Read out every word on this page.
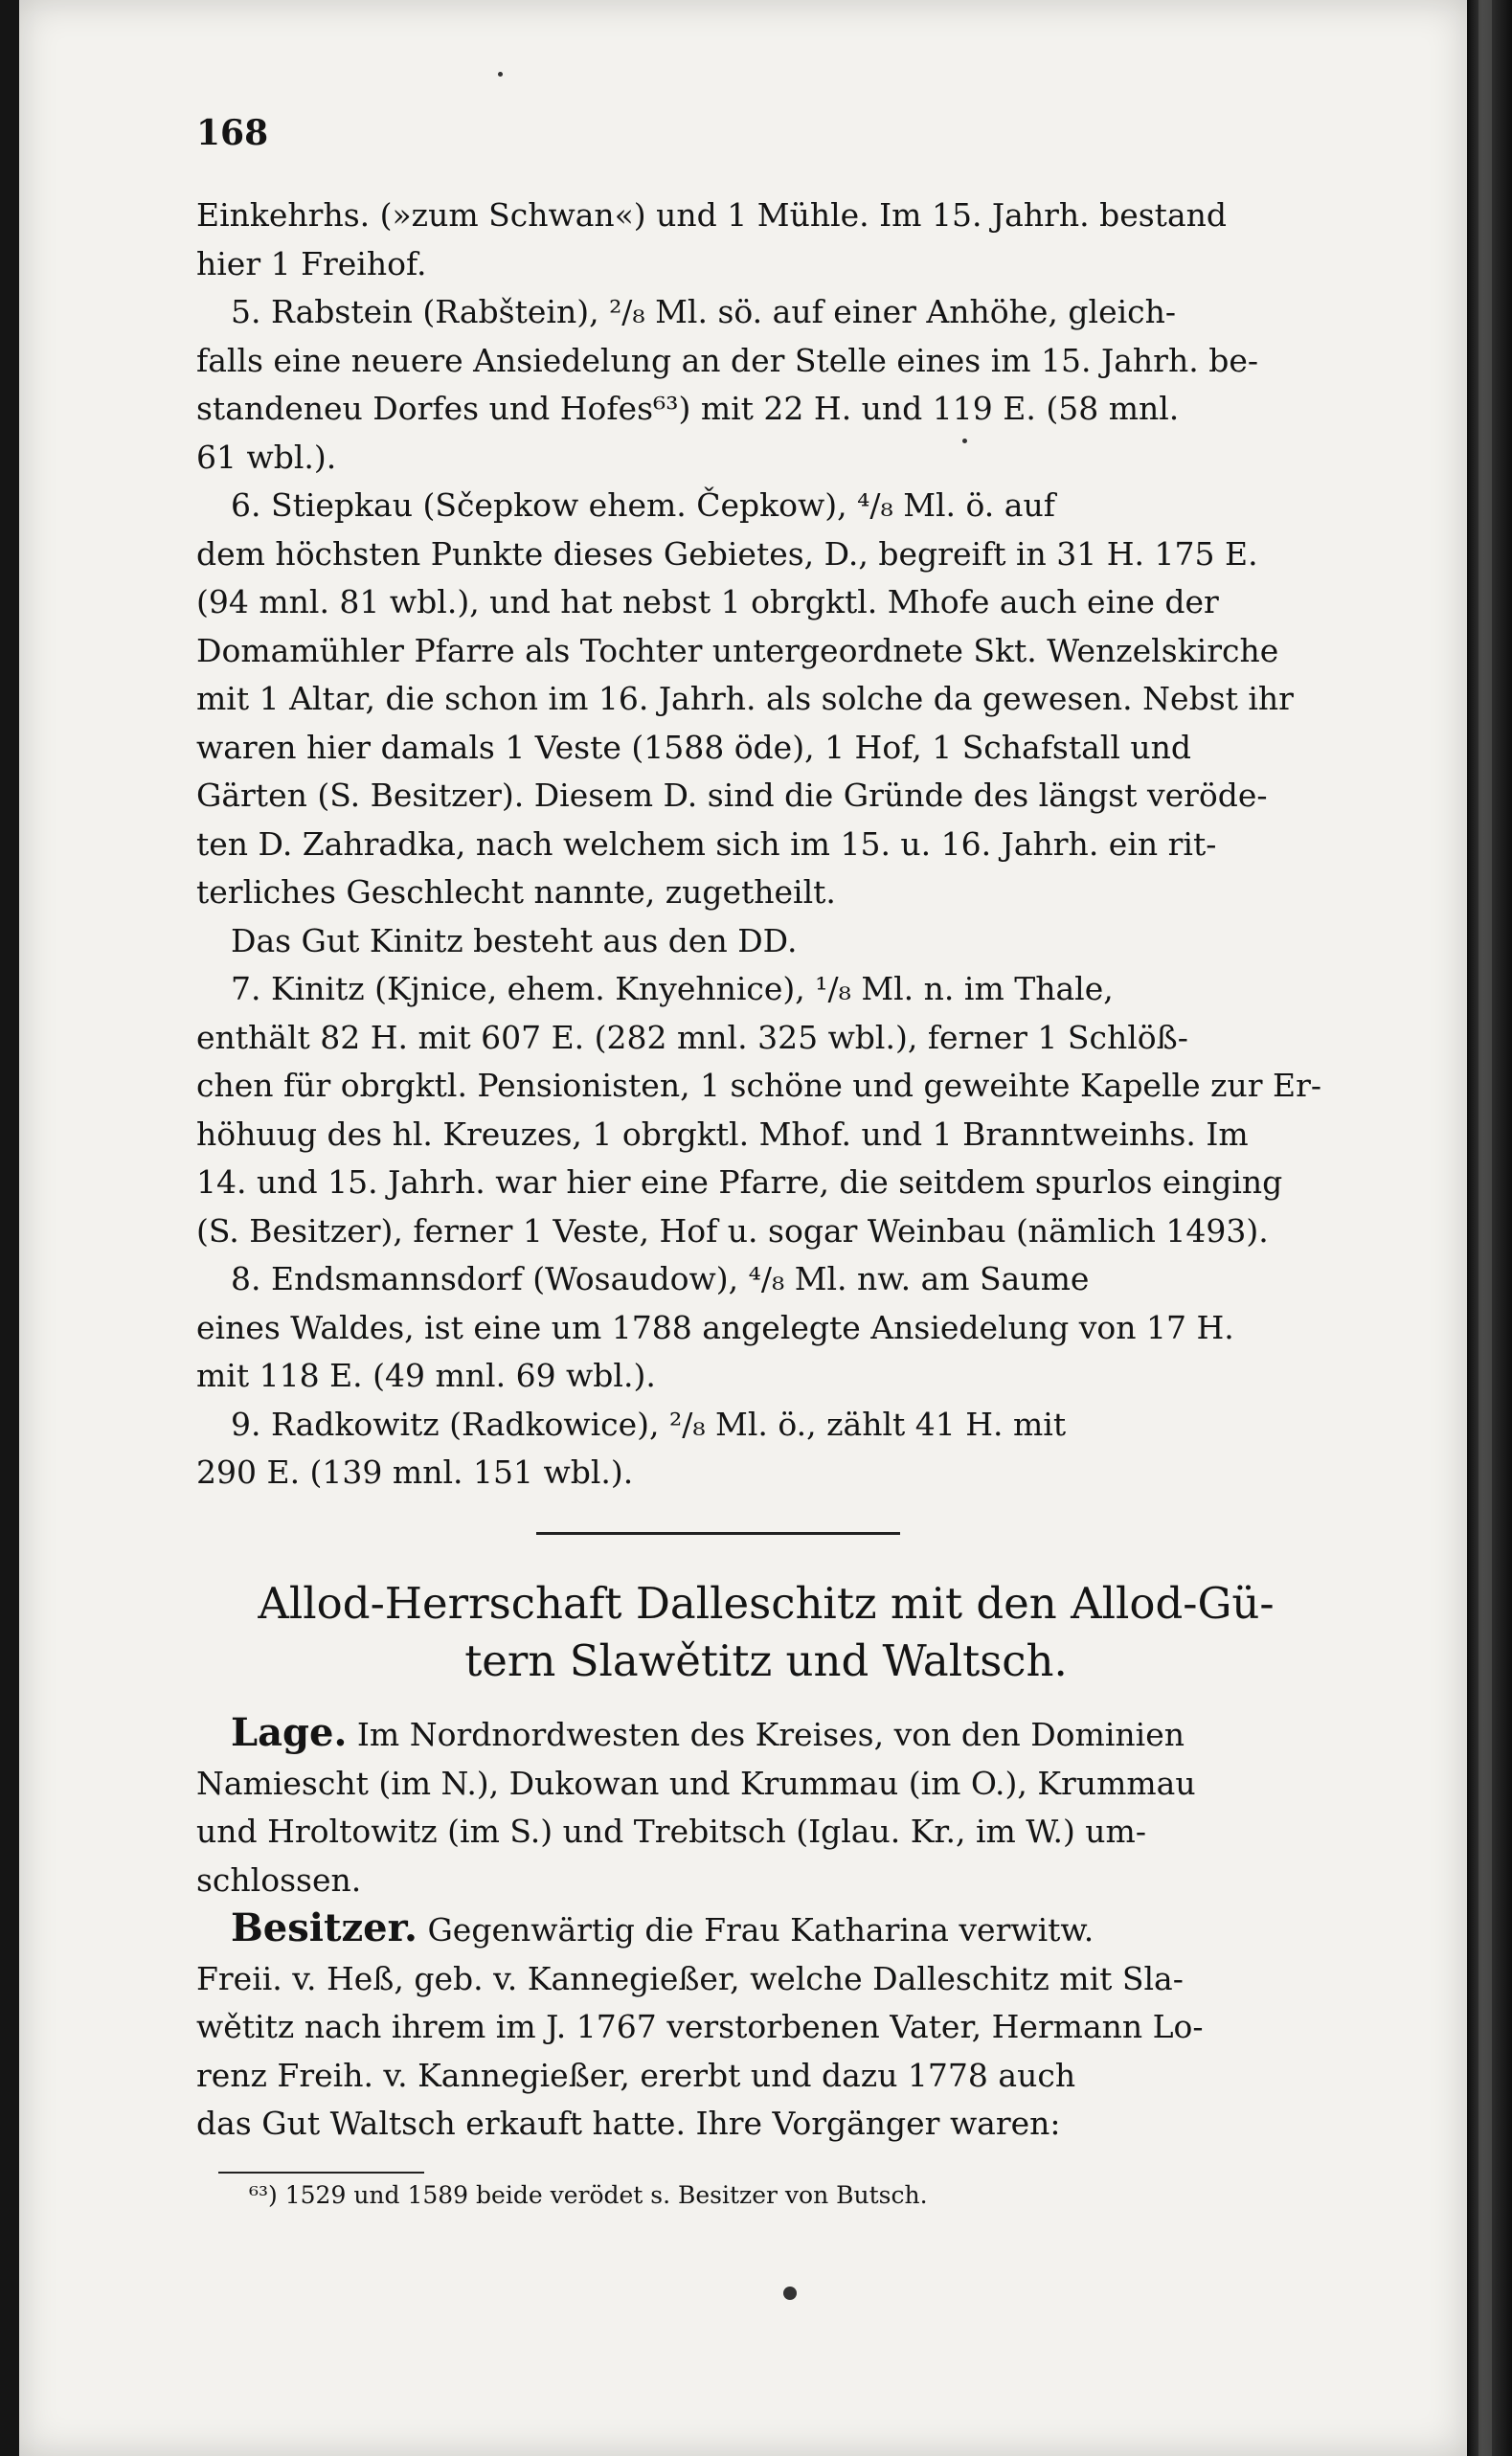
168
Einkehrhs. (»zum Schwan«) und 1 Mühle. Im 15. Jahrh. bestand
hier 1 Freihof.
5. Rabstein (Rabštein), ²/₈ Ml. sö. auf einer Anhöhe, gleich-
falls eine neuere Ansiedelung an der Stelle eines im 15. Jahrh. be-
standeneu Dorfes und Hofes⁶³) mit 22 H. und 119 E. (58 mnl.
61 wbl.).
6. Stiepkau (Sčepkow ehem. Čepkow), ⁴/₈ Ml. ö. auf
dem höchsten Punkte dieses Gebietes, D., begreift in 31 H. 175 E.
(94 mnl. 81 wbl.), und hat nebst 1 obrgktl. Mhofe auch eine der
Domamühler Pfarre als Tochter untergeordnete Skt. Wenzelskirche
mit 1 Altar, die schon im 16. Jahrh. als solche da gewesen. Nebst ihr
waren hier damals 1 Veste (1588 öde), 1 Hof, 1 Schafstall und
Gärten (S. Besitzer). Diesem D. sind die Gründe des längst veröde-
ten D. Zahradka, nach welchem sich im 15. u. 16. Jahrh. ein rit-
terliches Geschlecht nannte, zugetheilt.
Das Gut Kinitz besteht aus den DD.
7. Kinitz (Kjnice, ehem. Knyehnice), ¹/₈ Ml. n. im Thale,
enthält 82 H. mit 607 E. (282 mnl. 325 wbl.), ferner 1 Schlöß-
chen für obrgktl. Pensionisten, 1 schöne und geweihte Kapelle zur Er-
höhuug des hl. Kreuzes, 1 obrgktl. Mhof. und 1 Branntweinhs. Im
14. und 15. Jahrh. war hier eine Pfarre, die seitdem spurlos einging
(S. Besitzer), ferner 1 Veste, Hof u. sogar Weinbau (nämlich 1493).
8. Endsmannsdorf (Wosaudow), ⁴/₈ Ml. nw. am Saume
eines Waldes, ist eine um 1788 angelegte Ansiedelung von 17 H.
mit 118 E. (49 mnl. 69 wbl.).
9. Radkowitz (Radkowice), ²/₈ Ml. ö., zählt 41 H. mit
290 E. (139 mnl. 151 wbl.).
Allod-Herrschaft Dalleschitz mit den Allod-Gü-
tern Slawětitz und Waltsch.
Lage. Im Nordnordwesten des Kreises, von den Dominien
Namiescht (im N.), Dukowan und Krummau (im O.), Krummau
und Hroltowitz (im S.) und Trebitsch (Iglau. Kr., im W.) um-
schlossen.
Besitzer. Gegenwärtig die Frau Katharina verwitw.
Freii. v. Heß, geb. v. Kannegießer, welche Dalleschitz mit Sla-
wětitz nach ihrem im J. 1767 verstorbenen Vater, Hermann Lo-
renz Freih. v. Kannegießer, ererbt und dazu 1778 auch
das Gut Waltsch erkauft hatte. Ihre Vorgänger waren:
⁶³) 1529 und 1589 beide verödet s. Besitzer von Butsch.
